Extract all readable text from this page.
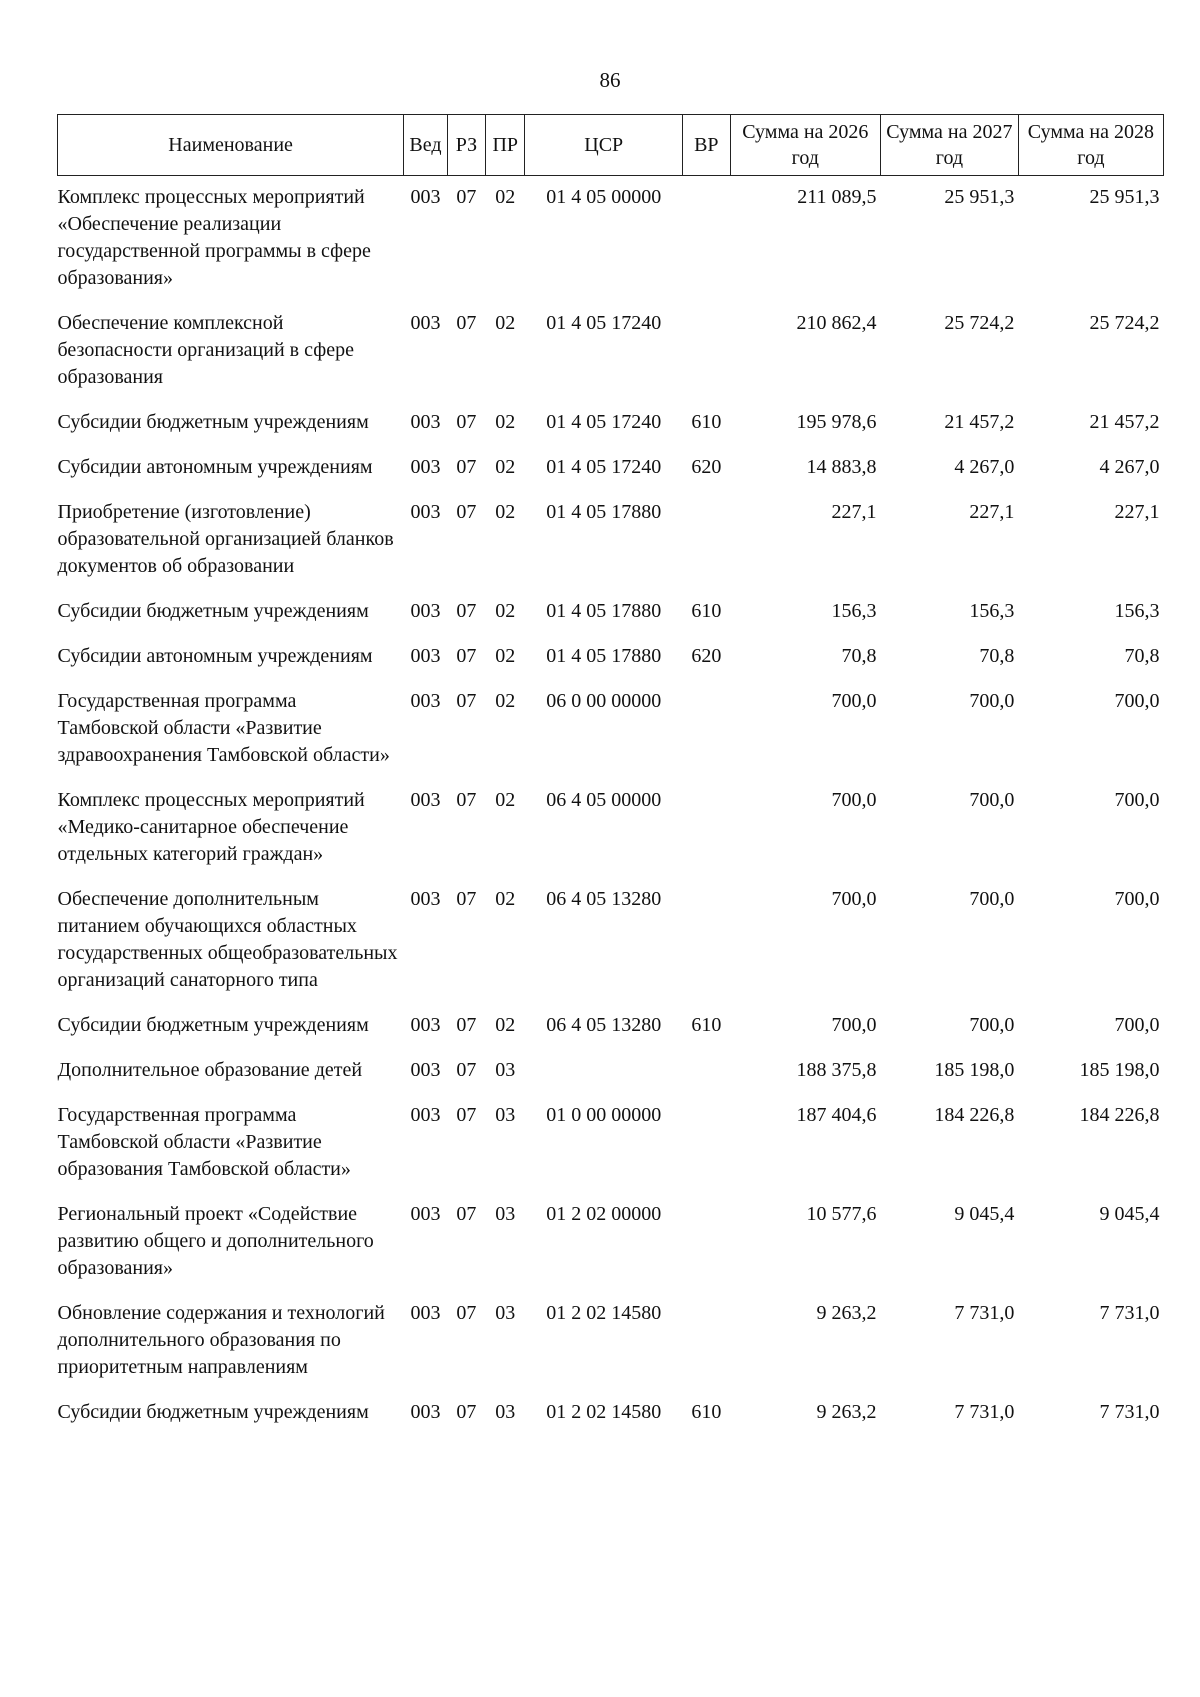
86
Наименование	Вед	РЗ	ПР	ЦСР	ВР	Сумма на 2026 год	Сумма на 2027 год	Сумма на 2028 год
Комплекс процессных мероприятий «Обеспечение реализации государственной программы в сфере образования»	003	07	02	01 4 05 00000		211 089,5	25 951,3	25 951,3
Обеспечение комплексной безопасности организаций в сфере образования	003	07	02	01 4 05 17240		210 862,4	25 724,2	25 724,2
Субсидии бюджетным учреждениям	003	07	02	01 4 05 17240	610	195 978,6	21 457,2	21 457,2
Субсидии автономным учреждениям	003	07	02	01 4 05 17240	620	14 883,8	4 267,0	4 267,0
Приобретение (изготовление) образовательной организацией бланков документов об образовании	003	07	02	01 4 05 17880		227,1	227,1	227,1
Субсидии бюджетным учреждениям	003	07	02	01 4 05 17880	610	156,3	156,3	156,3
Субсидии автономным учреждениям	003	07	02	01 4 05 17880	620	70,8	70,8	70,8
Государственная программа Тамбовской области «Развитие здравоохранения Тамбовской области»	003	07	02	06 0 00 00000		700,0	700,0	700,0
Комплекс процессных мероприятий «Медико-санитарное обеспечение отдельных категорий граждан»	003	07	02	06 4 05 00000		700,0	700,0	700,0
Обеспечение дополнительным питанием обучающихся областных государственных общеобразовательных организаций санаторного типа	003	07	02	06 4 05 13280		700,0	700,0	700,0
Субсидии бюджетным учреждениям	003	07	02	06 4 05 13280	610	700,0	700,0	700,0
Дополнительное образование детей	003	07	03			188 375,8	185 198,0	185 198,0
Государственная программа Тамбовской области «Развитие образования Тамбовской области»	003	07	03	01 0 00 00000		187 404,6	184 226,8	184 226,8
Региональный проект «Содействие развитию общего и дополнительного образования»	003	07	03	01 2 02 00000		10 577,6	9 045,4	9 045,4
Обновление содержания и технологий дополнительного образования по приоритетным направлениям	003	07	03	01 2 02 14580		9 263,2	7 731,0	7 731,0
Субсидии бюджетным учреждениям	003	07	03	01 2 02 14580	610	9 263,2	7 731,0	7 731,0
